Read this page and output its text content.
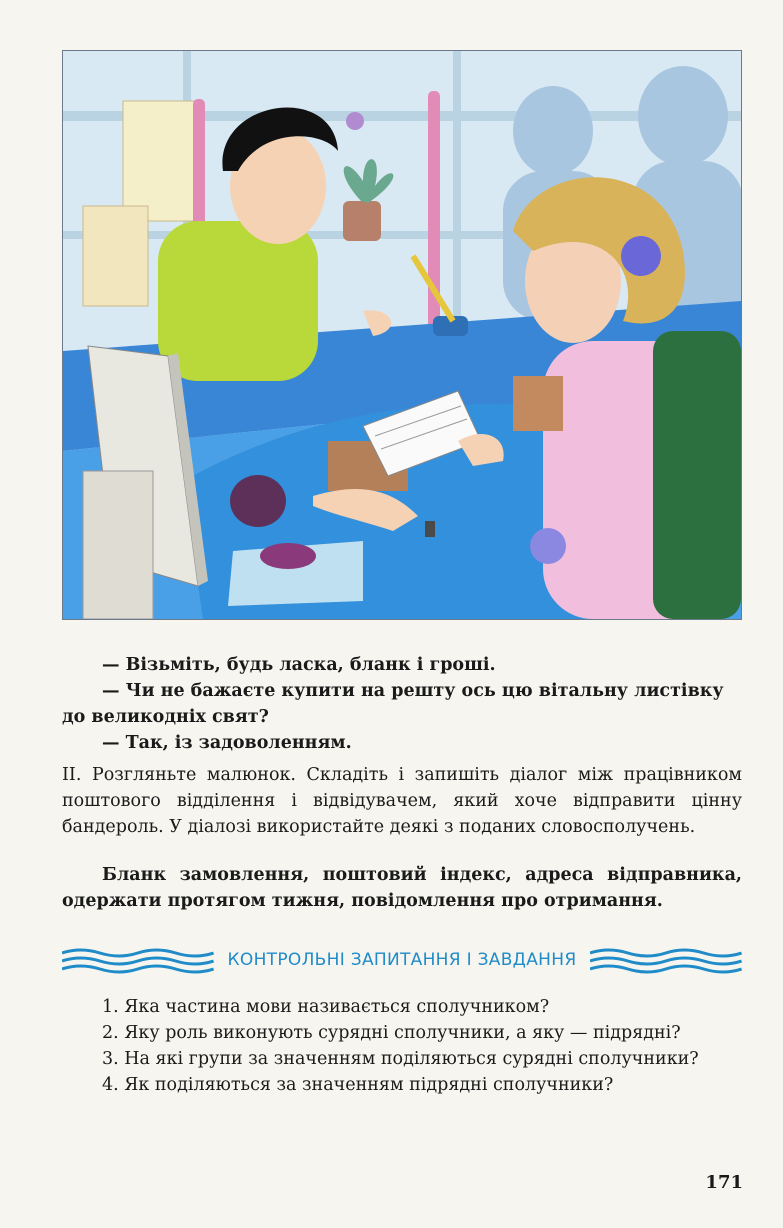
— Візьміть, будь ласка, бланк і гроші.

— Чи не бажаєте купити на решту ось цю вітальну листівку до великодніх свят?

— Так, із задоволенням.

II. Розгляньте малюнок. Складіть і запишіть діалог між працівником поштового відділення і відвідувачем, який хоче відправити цінну бандероль. У діалозі використайте деякі з поданих словосполучень.

Бланк замовлення, поштовий індекс, адреса відправника, одержати протягом тижня, повідомлення про отримання.

КОНТРОЛЬНІ ЗАПИТАННЯ І ЗАВДАННЯ

1. Яка частина мови називається сполучником?

2. Яку роль виконують сурядні сполучники, а яку — підрядні?

3. На які групи за значенням поділяються сурядні сполучники?

4. Як поділяються за значенням підрядні сполучники?

171
